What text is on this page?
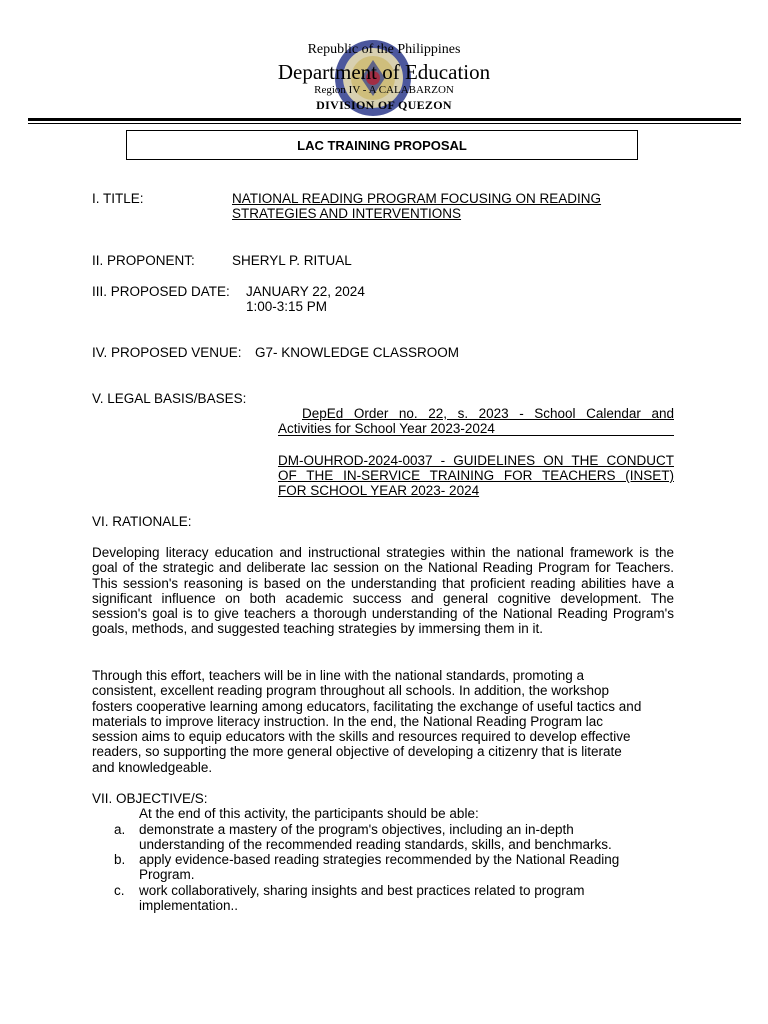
Republic of the Philippines
Department of Education
Region IV - A CALABARZON
DIVISION OF QUEZON
LAC TRAINING PROPOSAL
I. TITLE:	NATIONAL READING PROGRAM FOCUSING ON READING
STRATEGIES AND INTERVENTIONS
II. PROPONENT:	SHERYL P. RITUAL
III. PROPOSED DATE: JANUARY 22, 2024
1:00-3:15 PM
IV. PROPOSED VENUE: G7- KNOWLEDGE CLASSROOM
V. LEGAL BASIS/BASES:
DepEd Order no. 22, s. 2023 - School Calendar and
Activities for School Year 2023-2024
DM-OUHROD-2024-0037 - GUIDELINES ON THE CONDUCT
OF THE IN-SERVICE TRAINING FOR TEACHERS (INSET)
FOR SCHOOL YEAR 2023- 2024
VI. RATIONALE:
Developing literacy education and instructional strategies within the national framework is the goal of the strategic and deliberate lac session on the National Reading Program for Teachers. This session's reasoning is based on the understanding that proficient reading abilities have a significant influence on both academic success and general cognitive development. The session's goal is to give teachers a thorough understanding of the National Reading Program's goals, methods, and suggested teaching strategies by immersing them in it.
Through this effort, teachers will be in line with the national standards, promoting a
consistent, excellent reading program throughout all schools. In addition, the workshop
fosters cooperative learning among educators, facilitating the exchange of useful tactics and
materials to improve literacy instruction. In the end, the National Reading Program lac
session aims to equip educators with the skills and resources required to develop effective
readers, so supporting the more general objective of developing a citizenry that is literate
and knowledgeable.
VII. OBJECTIVE/S:
At the end of this activity, the participants should be able:
a.	demonstrate a mastery of the program's objectives, including an in-depth
understanding of the recommended reading standards, skills, and benchmarks.
b.	apply evidence-based reading strategies recommended by the National Reading
Program.
c.	work collaboratively, sharing insights and best practices related to program
implementation..
